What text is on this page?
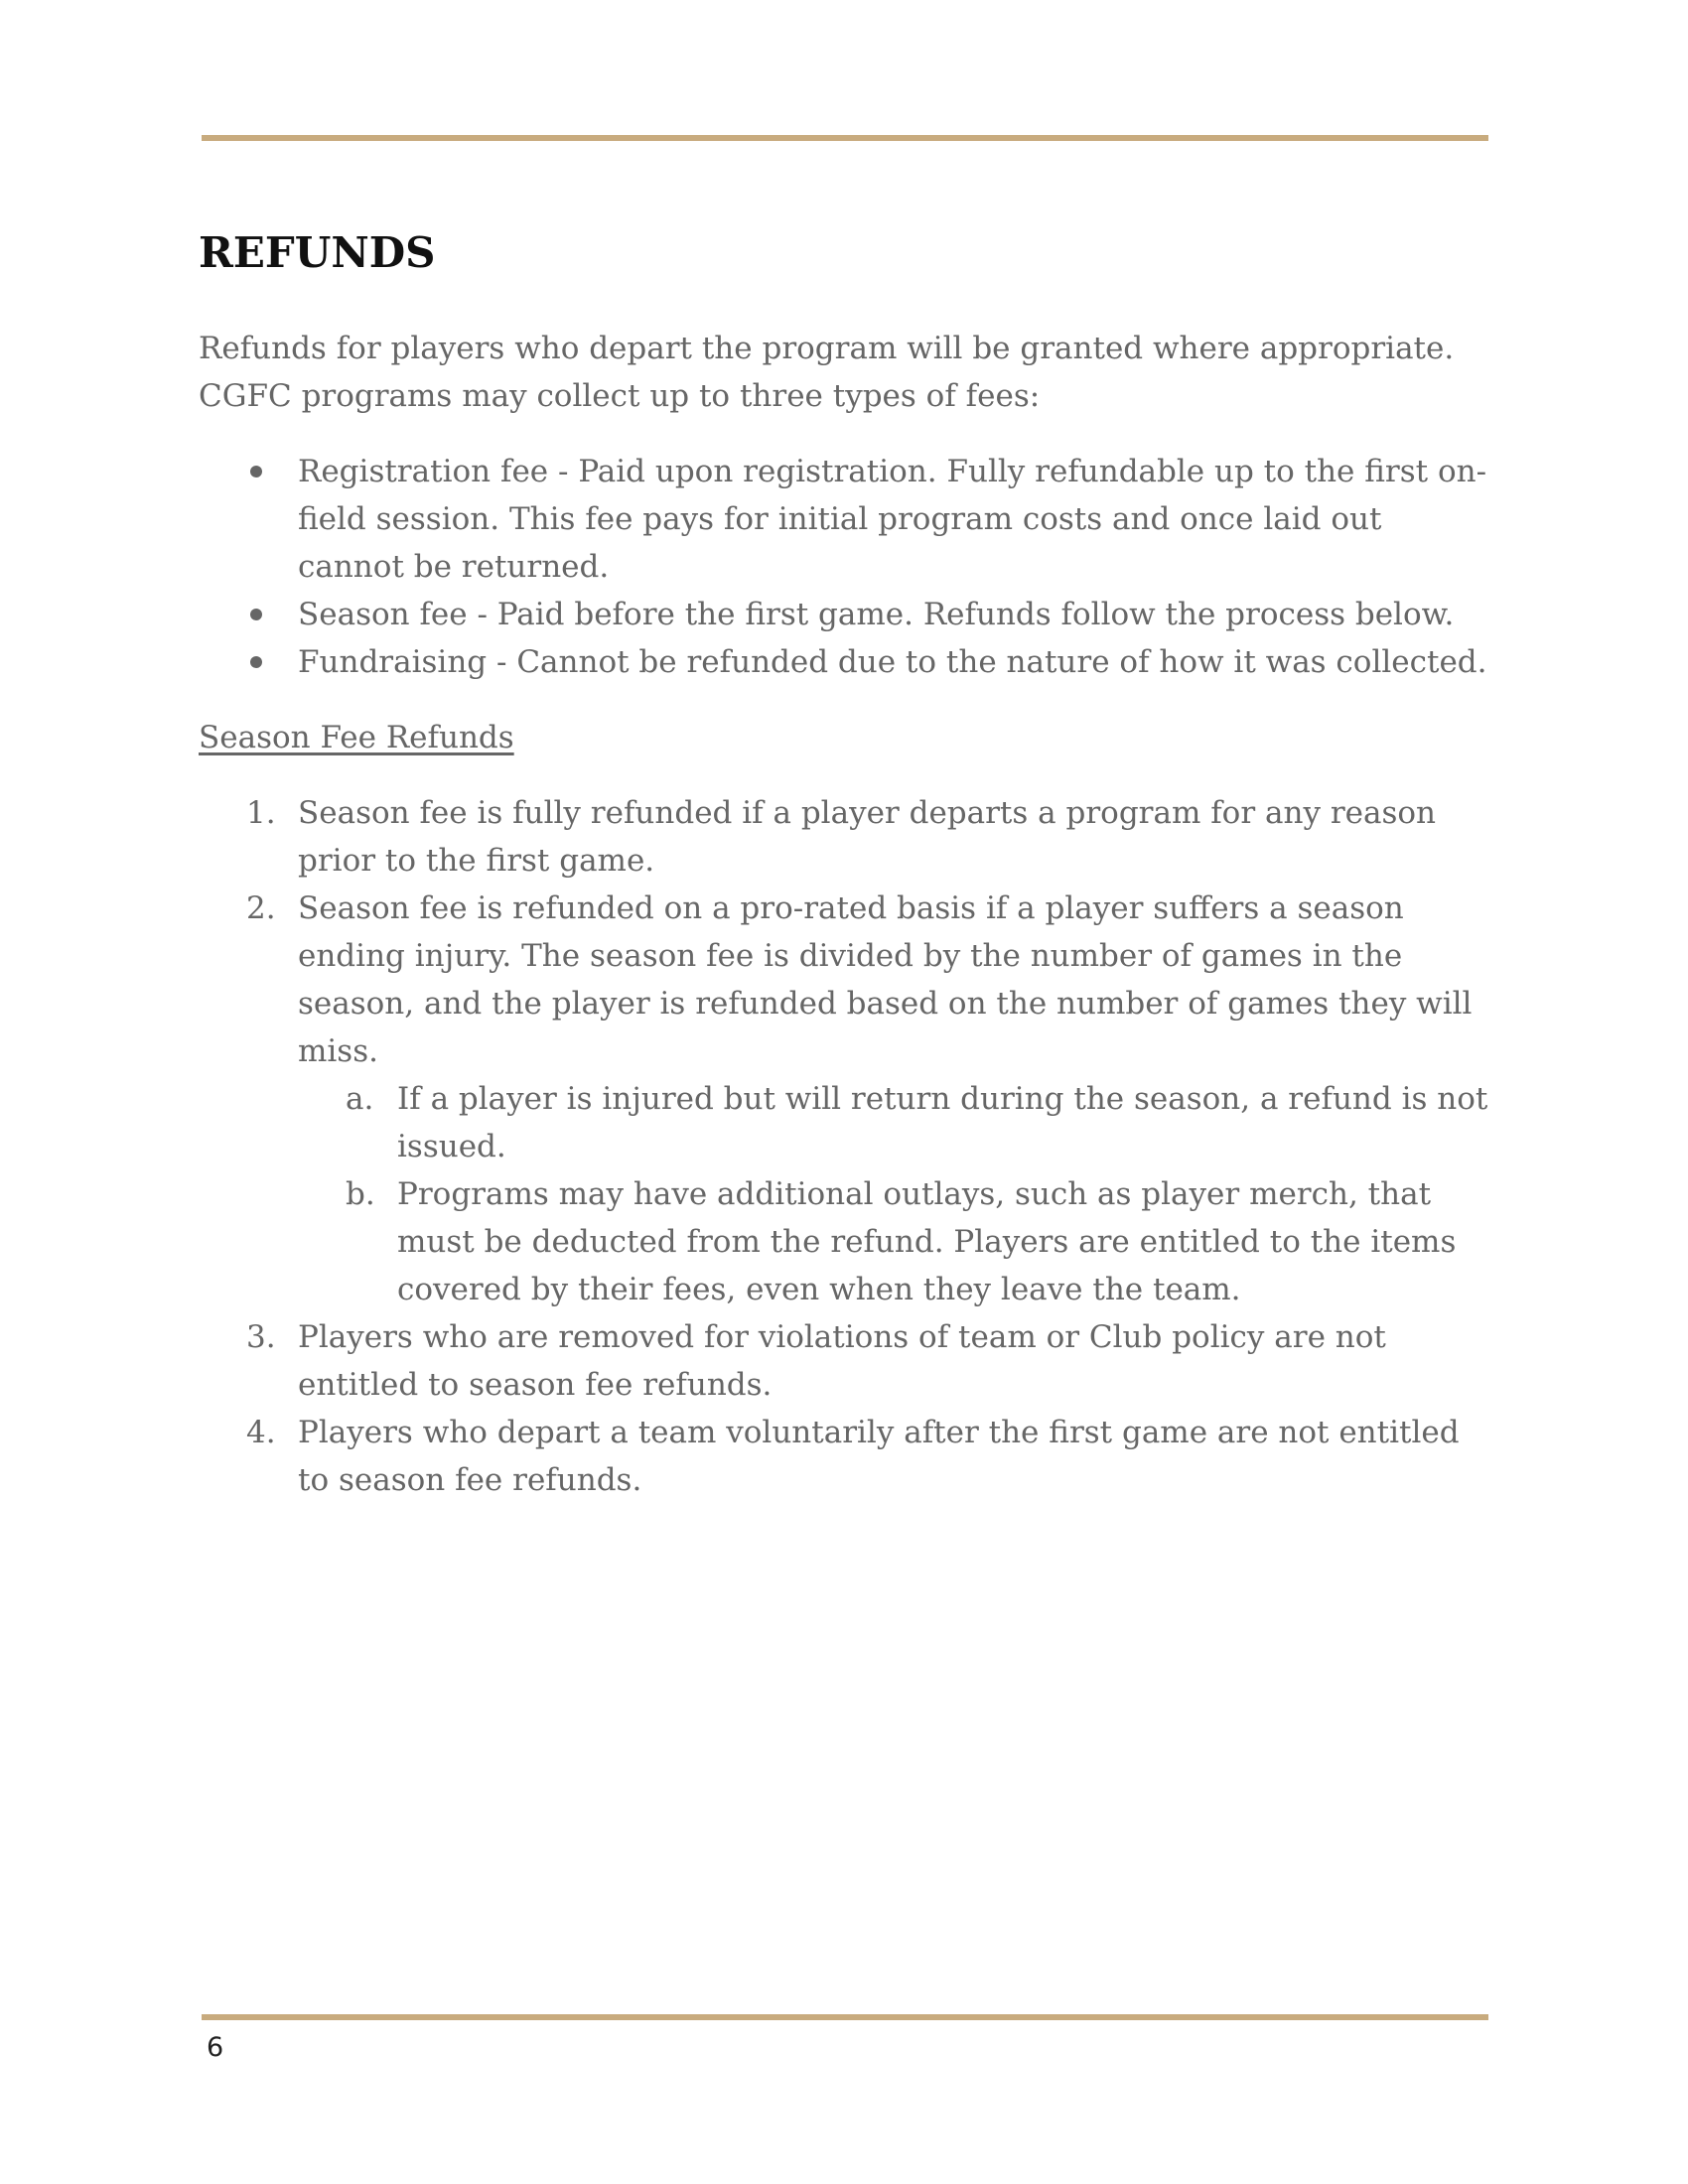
REFUNDS

Refunds for players who depart the program will be granted where appropriate. CGFC programs may collect up to three types of fees:

Registration fee - Paid upon registration. Fully refundable up to the first on-field session. This fee pays for initial program costs and once laid out cannot be returned.
Season fee - Paid before the first game. Refunds follow the process below.
Fundraising - Cannot be refunded due to the nature of how it was collected.
Season Fee Refunds
1. Season fee is fully refunded if a player departs a program for any reason prior to the first game.
2. Season fee is refunded on a pro-rated basis if a player suffers a season ending injury. The season fee is divided by the number of games in the season, and the player is refunded based on the number of games they will miss.
a. If a player is injured but will return during the season, a refund is not issued.
b. Programs may have additional outlays, such as player merch, that must be deducted from the refund. Players are entitled to the items covered by their fees, even when they leave the team.
3. Players who are removed for violations of team or Club policy are not entitled to season fee refunds.
4. Players who depart a team voluntarily after the first game are not entitled to season fee refunds.
6
